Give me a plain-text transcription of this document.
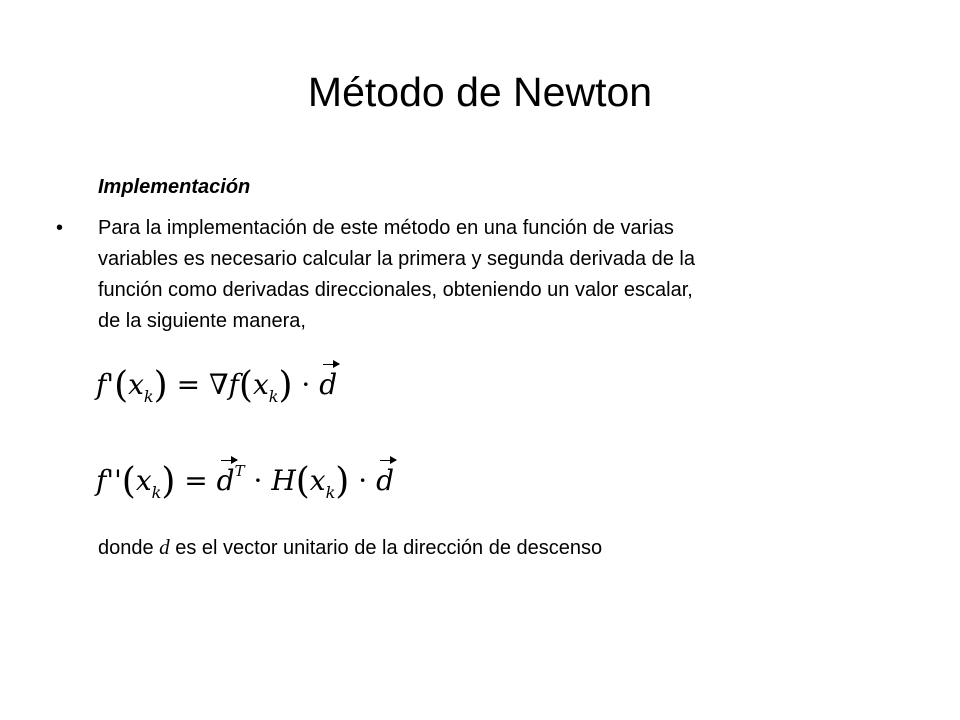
Método de Newton
Implementación
•	Para la implementación de este método en una función de varias
variables es necesario calcular la primera y segunda derivada de la
función como derivadas direccionales, obteniendo un valor escalar,
de la siguiente manera,
$f'(x_k) = \nabla f(x_k) \cdot d$
$f''(x_k) = d^T \cdot H(x_k) \cdot d$
donde d es el vector unitario de la dirección de descenso
